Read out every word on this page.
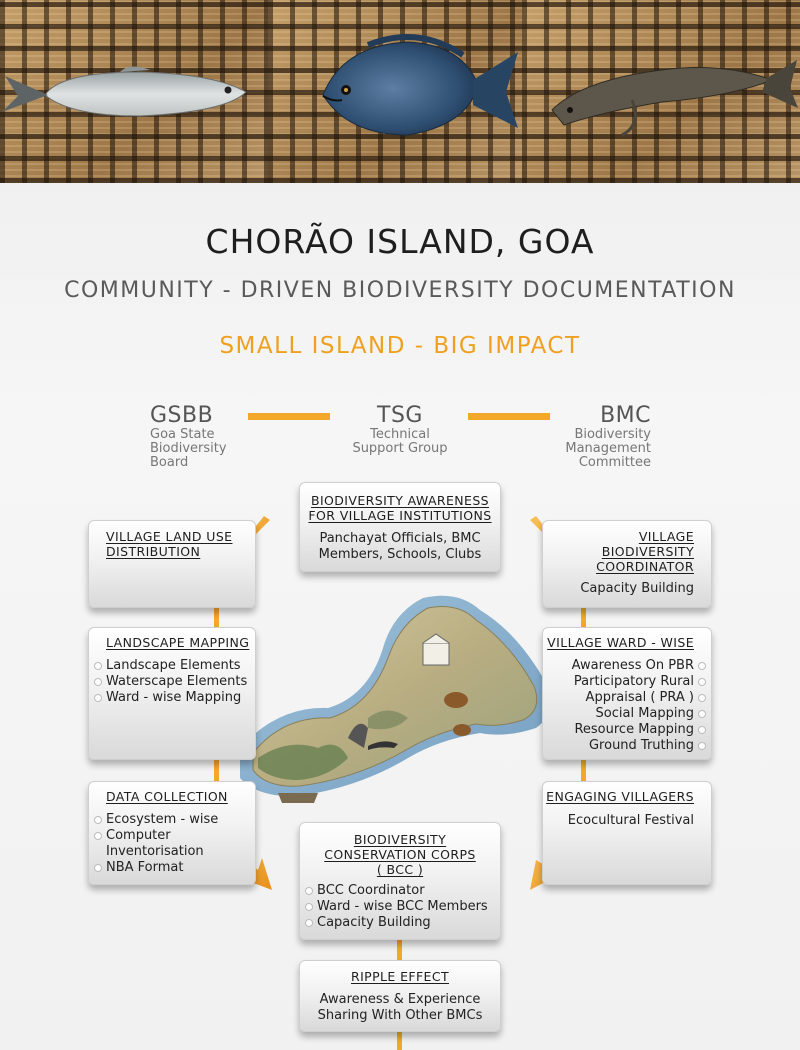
CHORÃO ISLAND, GOA
COMMUNITY - DRIVEN BIODIVERSITY DOCUMENTATION
SMALL ISLAND - BIG IMPACT
GSBB
Goa State
Biodiversity
Board
TSG
Technical
Support Group
BMC
Biodiversity
Management
Committee
BIODIVERSITY AWARENESS
FOR VILLAGE INSTITUTIONS
Panchayat Officials, BMC
Members, Schools, Clubs
VILLAGE LAND USE
DISTRIBUTION
VILLAGE
BIODIVERSITY
COORDINATOR
Capacity Building
LANDSCAPE MAPPING
Landscape Elements
Waterscape Elements
Ward - wise Mapping
VILLAGE WARD - WISE
Awareness On PBR
Participatory Rural
Appraisal ( PRA )
Social Mapping
Resource Mapping
Ground Truthing
DATA COLLECTION
Ecosystem - wise
Computer
Inventorisation
NBA Format
ENGAGING VILLAGERS
Ecocultural Festival
BIODIVERSITY
CONSERVATION CORPS
( BCC )
BCC Coordinator
Ward - wise BCC Members
Capacity Building
RIPPLE EFFECT
Awareness & Experience
Sharing With Other BMCs
